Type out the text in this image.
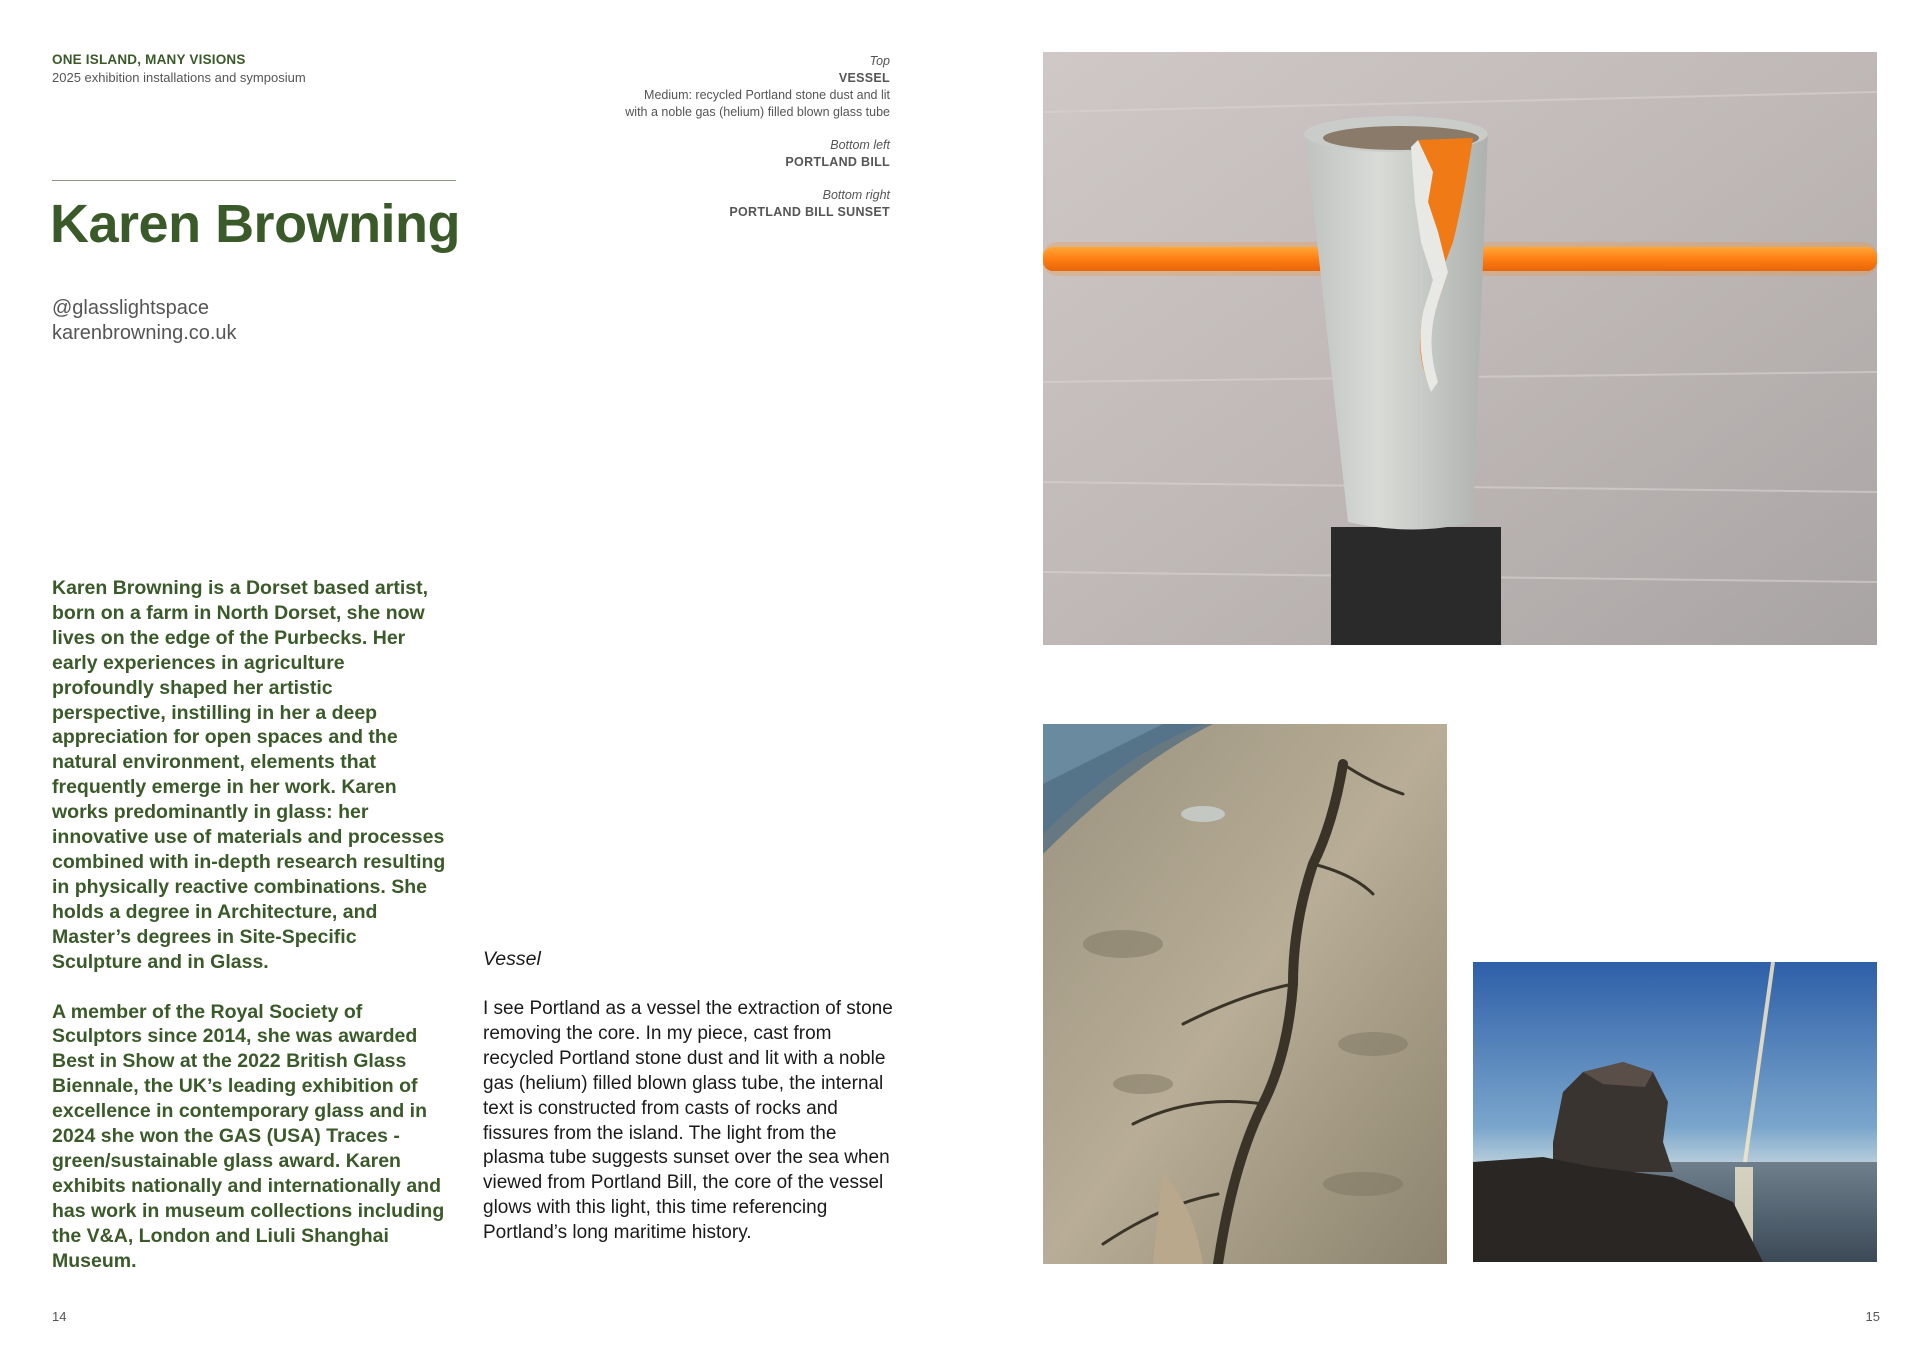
ONE ISLAND, MANY VISIONS
2025 exhibition installations and symposium
Top
VESSEL
Medium: recycled Portland stone dust and lit
with a noble gas (helium) filled blown glass tube
Bottom left
PORTLAND BILL
Bottom right
PORTLAND BILL SUNSET
Karen Browning
@glasslightspace
karenbrowning.co.uk

Karen Browning is a Dorset based artist, born on a farm in North Dorset, she now lives on the edge of the Purbecks. Her early experiences in agriculture profoundly shaped her artistic perspective, instilling in her a deep appreciation for open spaces and the natural environment, elements that frequently emerge in her work. Karen works predominantly in glass: her innovative use of materials and processes combined with in-depth research resulting in physically reactive combinations. She holds a degree in Architecture, and Master’s degrees in Site-Specific Sculpture and in Glass.

A member of the Royal Society of Sculptors since 2014, she was awarded Best in Show at the 2022 British Glass Biennale, the UK’s leading exhibition of excellence in contemporary glass and in 2024 she won the GAS (USA) Traces - green/sustainable glass award. Karen exhibits nationally and internationally and has work in museum collections including the V&A, London and Liuli Shanghai Museum.

Vessel
I see Portland as a vessel the extraction of stone removing the core. In my piece, cast from recycled Portland stone dust and lit with a noble gas (helium) filled blown glass tube, the internal text is constructed from casts of rocks and fissures from the island. The light from the plasma tube suggests sunset over the sea when viewed from Portland Bill, the core of the vessel glows with this light, this time referencing Portland’s long maritime history.
14	15
